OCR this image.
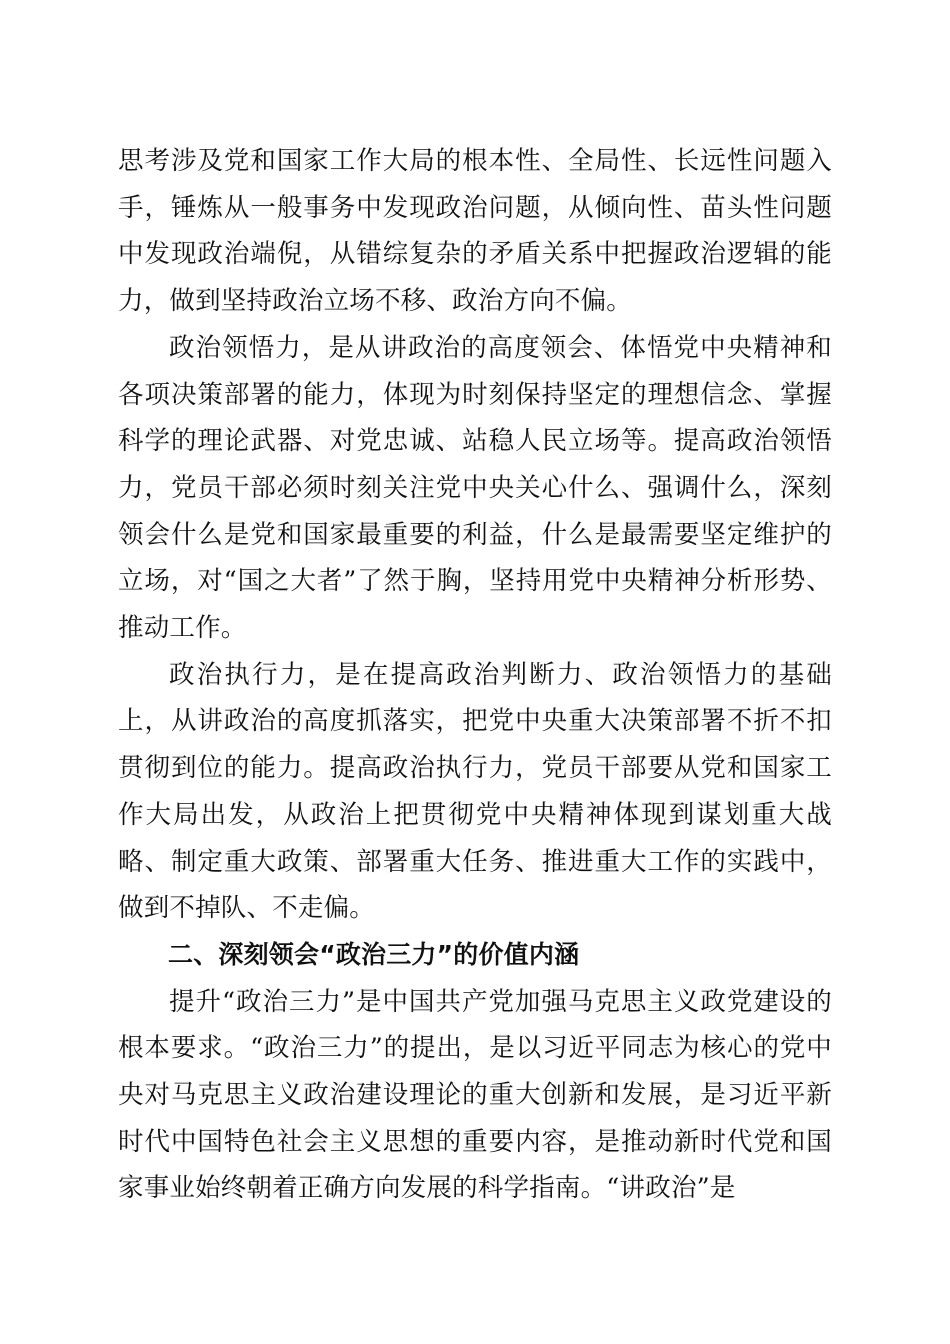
思考涉及党和国家工作大局的根本性、全局性、长远性问题入手，锤炼从一般事务中发现政治问题，从倾向性、苗头性问题中发现政治端倪，从错综复杂的矛盾关系中把握政治逻辑的能力，做到坚持政治立场不移、政治方向不偏。

政治领悟力，是从讲政治的高度领会、体悟党中央精神和各项决策部署的能力，体现为时刻保持坚定的理想信念、掌握科学的理论武器、对党忠诚、站稳人民立场等。提高政治领悟力，党员干部必须时刻关注党中央关心什么、强调什么，深刻领会什么是党和国家最重要的利益，什么是最需要坚定维护的立场，对“国之大者”了然于胸，坚持用党中央精神分析形势、推动工作。

政治执行力，是在提高政治判断力、政治领悟力的基础上，从讲政治的高度抓落实，把党中央重大决策部署不折不扣贯彻到位的能力。提高政治执行力，党员干部要从党和国家工作大局出发，从政治上把贯彻党中央精神体现到谋划重大战略、制定重大政策、部署重大任务、推进重大工作的实践中，做到不掉队、不走偏。

二、深刻领会“政治三力”的价值内涵

提升“政治三力”是中国共产党加强马克思主义政党建设的根本要求。“政治三力”的提出，是以习近平同志为核心的党中央对马克思主义政治建设理论的重大创新和发展，是习近平新时代中国特色社会主义思想的重要内容，是推动新时代党和国家事业始终朝着正确方向发展的科学指南。“讲政治”是
